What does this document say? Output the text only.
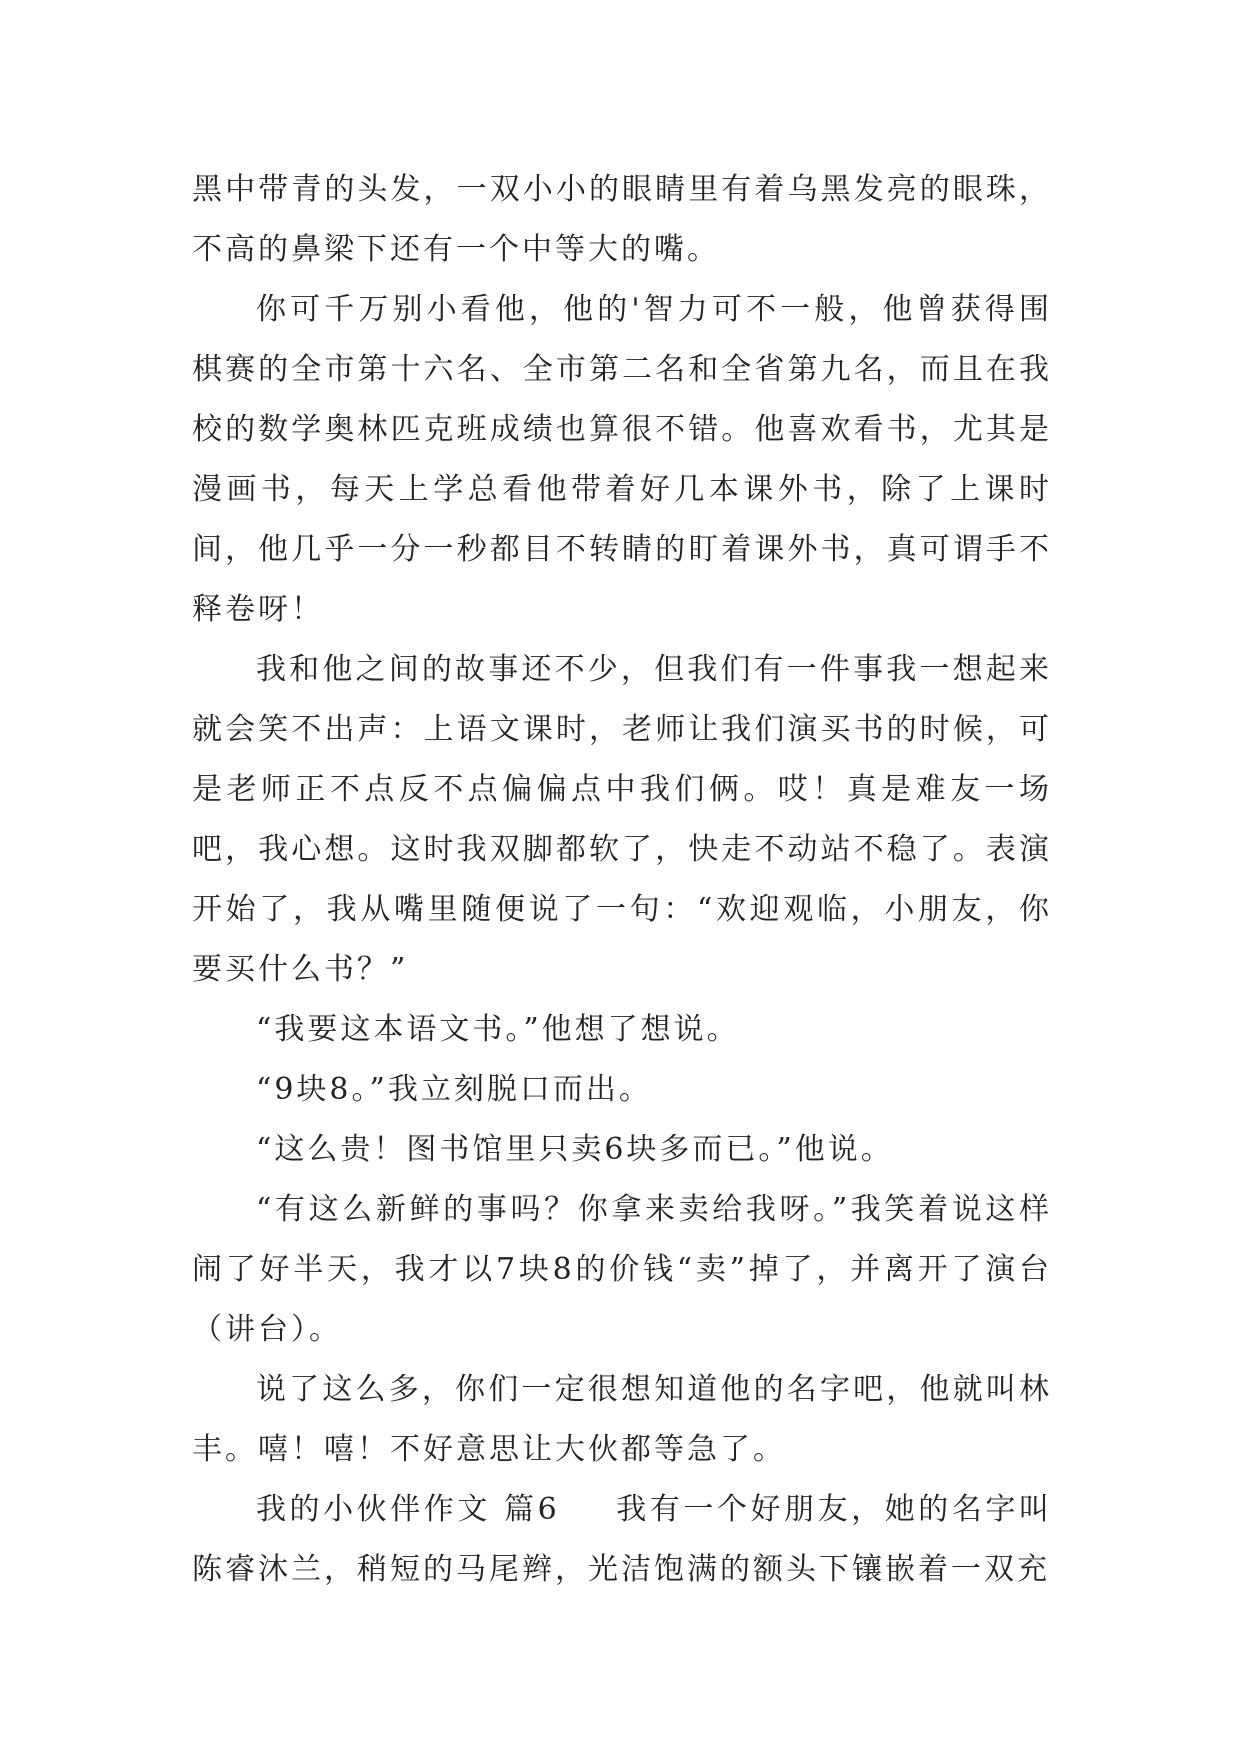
黑中带青的头发，一双小小的眼睛里有着乌黑发亮的眼珠，不高的鼻梁下还有一个中等大的嘴。

你可千万别小看他，他的'智力可不一般，他曾获得围棋赛的全市第十六名、全市第二名和全省第九名，而且在我校的数学奥林匹克班成绩也算很不错。他喜欢看书，尤其是漫画书，每天上学总看他带着好几本课外书，除了上课时间，他几乎一分一秒都目不转睛的盯着课外书，真可谓手不释卷呀！

我和他之间的故事还不少，但我们有一件事我一想起来就会笑不出声：上语文课时，老师让我们演买书的时候，可是老师正不点反不点偏偏点中我们俩。哎！真是难友一场吧，我心想。这时我双脚都软了，快走不动站不稳了。表演开始了，我从嘴里随便说了一句：“欢迎观临，小朋友，你要买什么书？”

“我要这本语文书。”他想了想说。

“9块8。”我立刻脱口而出。

“这么贵！图书馆里只卖6块多而已。”他说。

“有这么新鲜的事吗？你拿来卖给我呀。”我笑着说这样闹了好半天，我才以7块8的价钱“卖”掉了，并离开了演台（讲台）。

说了这么多，你们一定很想知道他的名字吧，他就叫林丰。嘻！嘻！不好意思让大伙都等急了。

我的小伙伴作文 篇6 我有一个好朋友，她的名字叫陈睿沐兰，稍短的马尾辫，光洁饱满的额头下镶嵌着一双充
